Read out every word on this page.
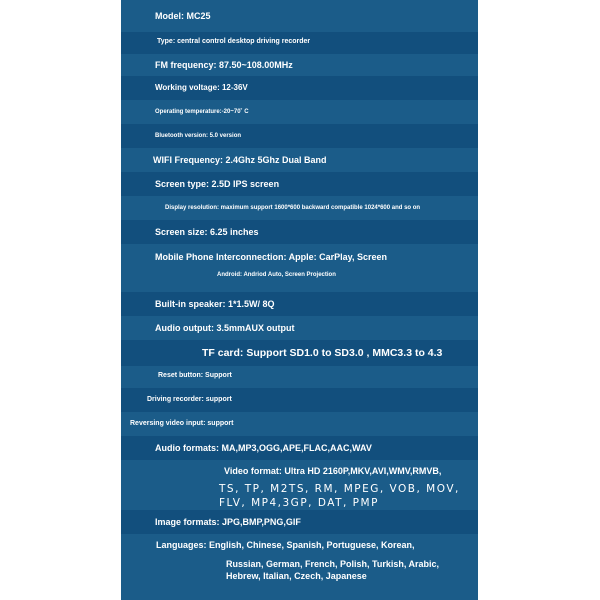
Model: MC25
Type: central control desktop driving recorder
FM frequency: 87.50~108.00MHz
Working voltage: 12-36V
Operating temperature:-20~70˚ C
Bluetooth version: 5.0 version
WIFI Frequency: 2.4Ghz 5Ghz Dual Band
Screen type: 2.5D IPS screen
Display resolution: maximum support 1600*600 backward compatible 1024*600 and so on
Screen size: 6.25 inches
Mobile Phone Interconnection: Apple: CarPlay, Screen
Android: Andriod Auto, Screen Projection
Built-in speaker: 1*1.5W/ 8Q
Audio output: 3.5mmAUX output
TF card: Support SD1.0 to SD3.0 , MMC3.3 to 4.3
Reset button: Support
Driving recorder: support
Reversing video input: support
Audio formats: MA,MP3,OGG,APE,FLAC,AAC,WAV
Video format: Ultra HD 2160P,MKV,AVI,WMV,RMVB,
TS, TP, M2TS, RM, MPEG, VOB, MOV,
FLV, MP4,3GP, DAT, PMP
Image formats: JPG,BMP,PNG,GIF
Languages: English, Chinese, Spanish, Portuguese, Korean,
Russian, German, French, Polish, Turkish, Arabic,
Hebrew, Italian, Czech, Japanese
